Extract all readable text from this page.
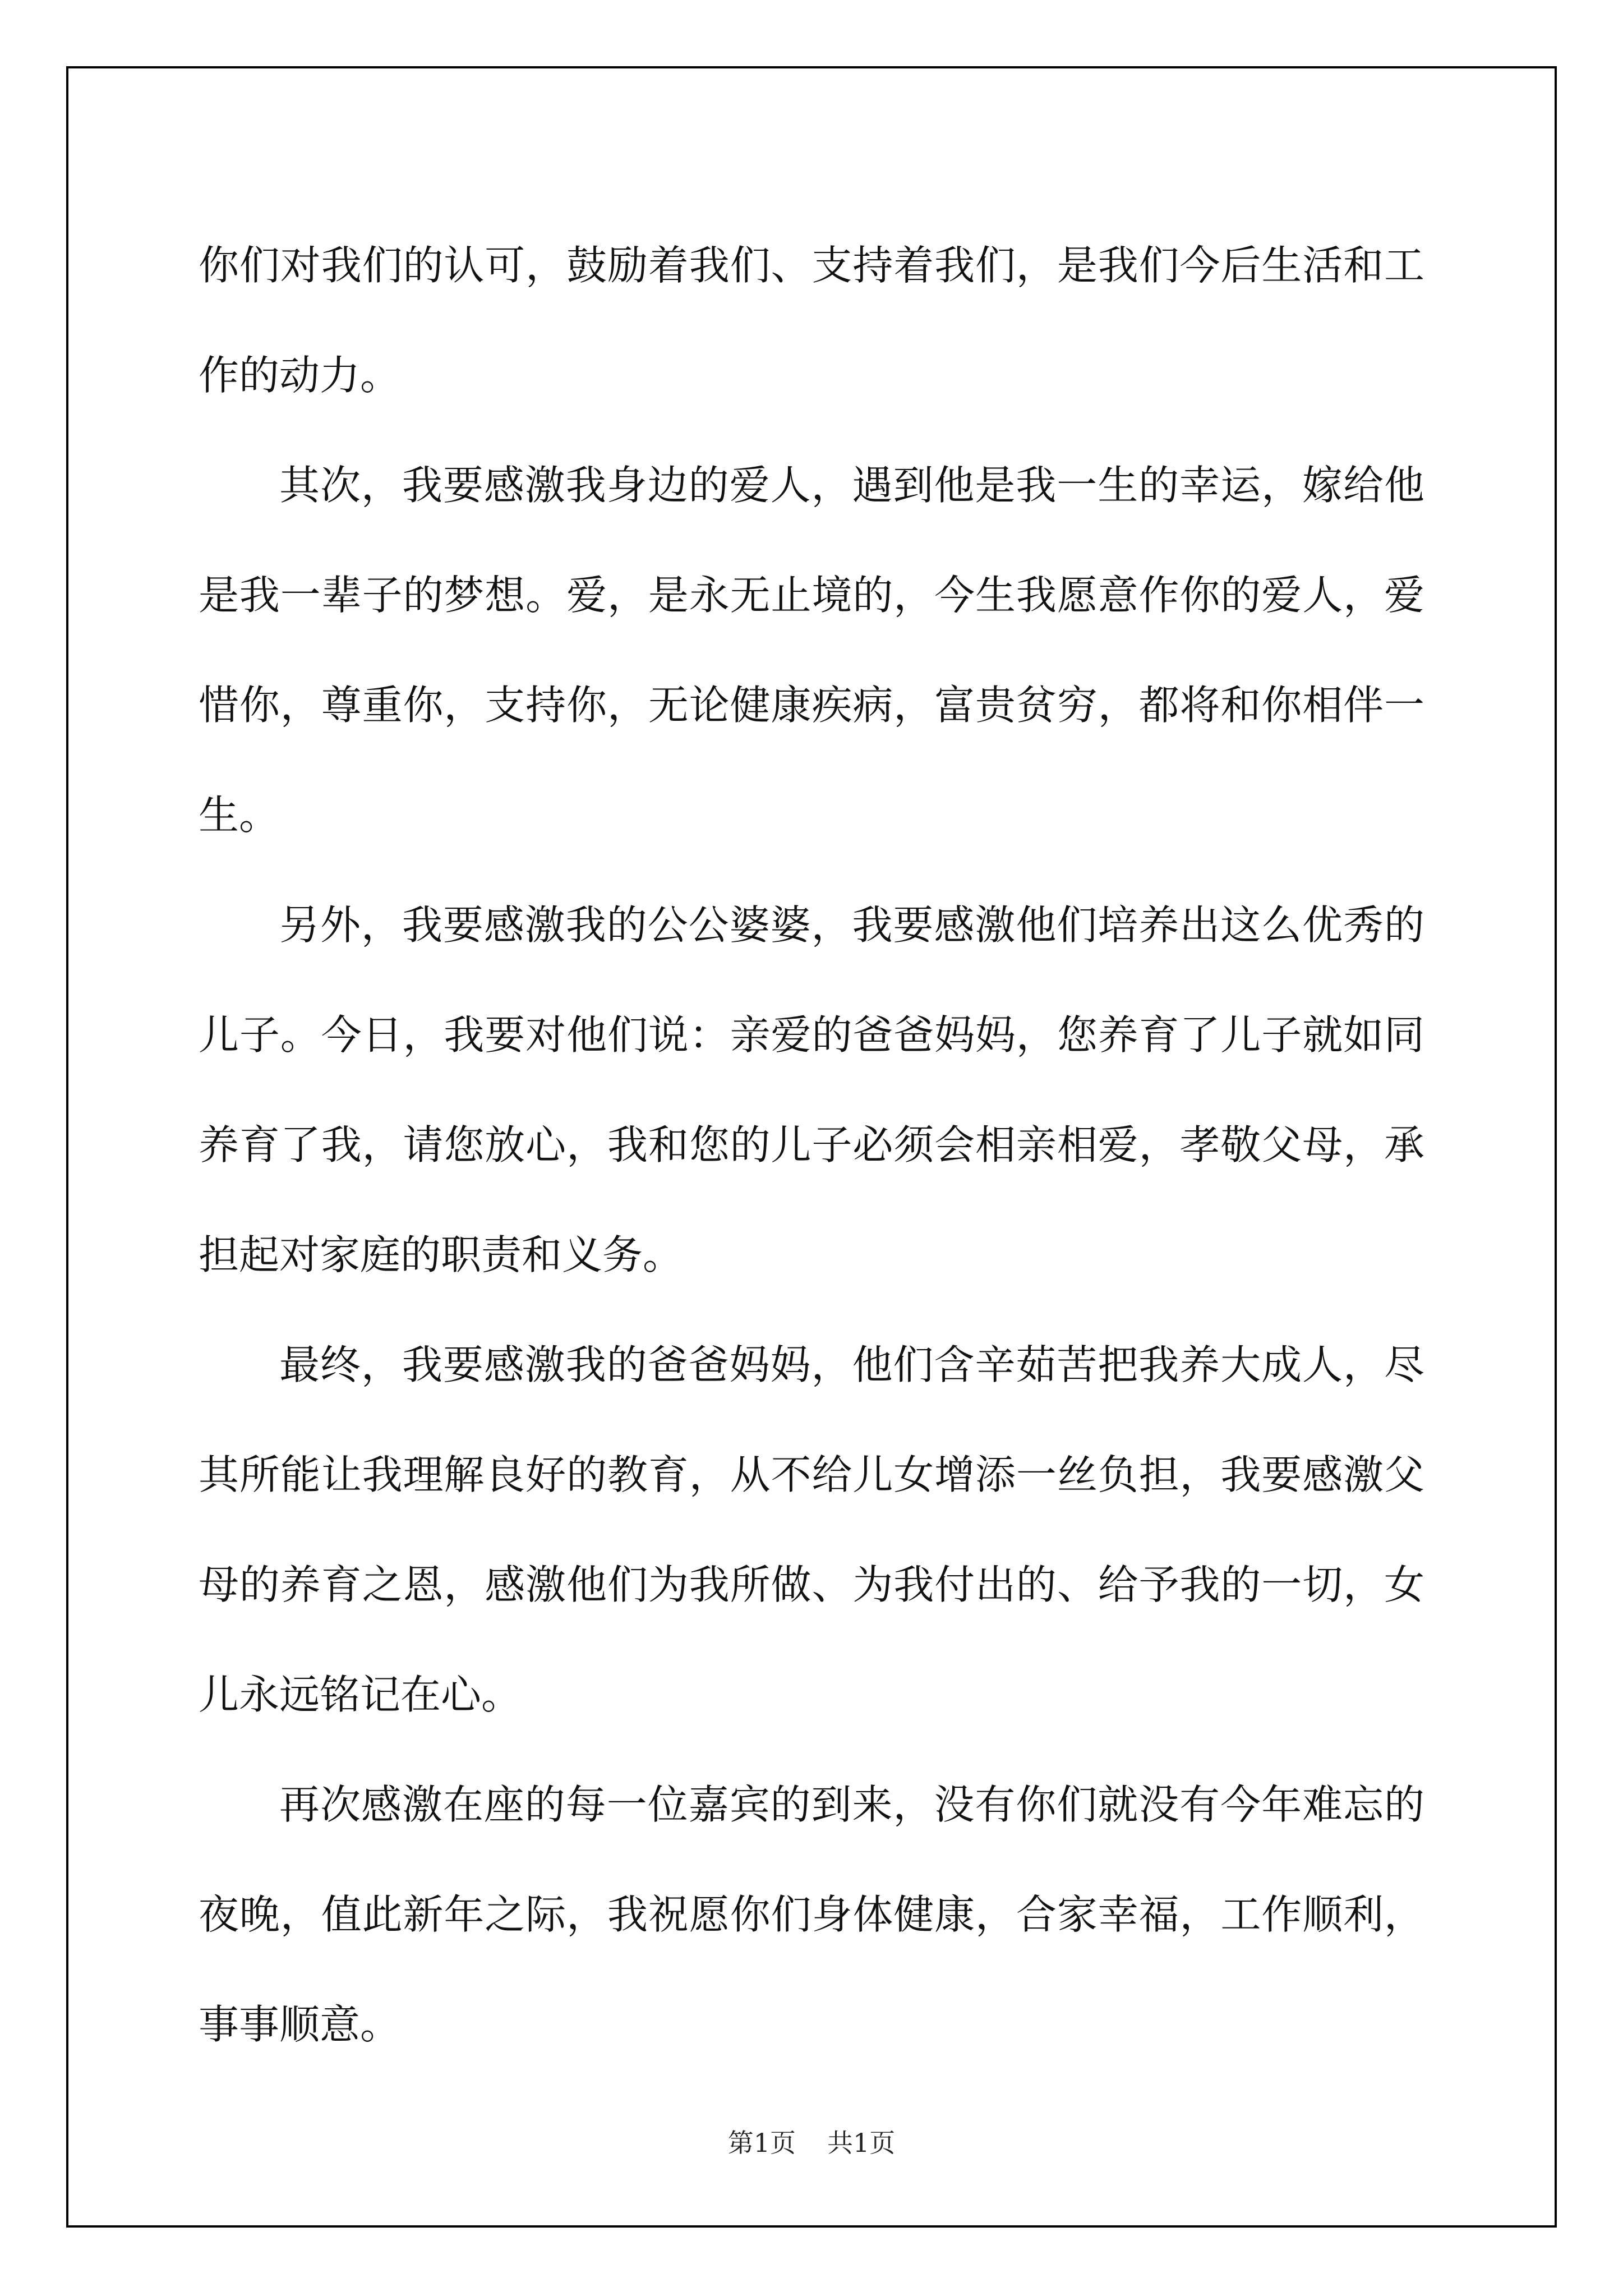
你们对我们的认可，鼓励着我们、支持着我们，是我们今后生活和工作的动力。

其次，我要感激我身边的爱人，遇到他是我一生的幸运，嫁给他是我一辈子的梦想。爱，是永无止境的，今生我愿意作你的爱人，爱惜你，尊重你，支持你，无论健康疾病，富贵贫穷，都将和你相伴一生。

另外，我要感激我的公公婆婆，我要感激他们培养出这么优秀的儿子。今日，我要对他们说：亲爱的爸爸妈妈，您养育了儿子就如同养育了我，请您放心，我和您的儿子必须会相亲相爱，孝敬父母，承担起对家庭的职责和义务。

最终，我要感激我的爸爸妈妈，他们含辛茹苦把我养大成人，尽其所能让我理解良好的教育，从不给儿女增添一丝负担，我要感激父母的养育之恩，感激他们为我所做、为我付出的、给予我的一切，女儿永远铭记在心。

再次感激在座的每一位嘉宾的到来，没有你们就没有今年难忘的夜晚，值此新年之际，我祝愿你们身体健康，合家幸福，工作顺利，事事顺意。

第1页 共1页
